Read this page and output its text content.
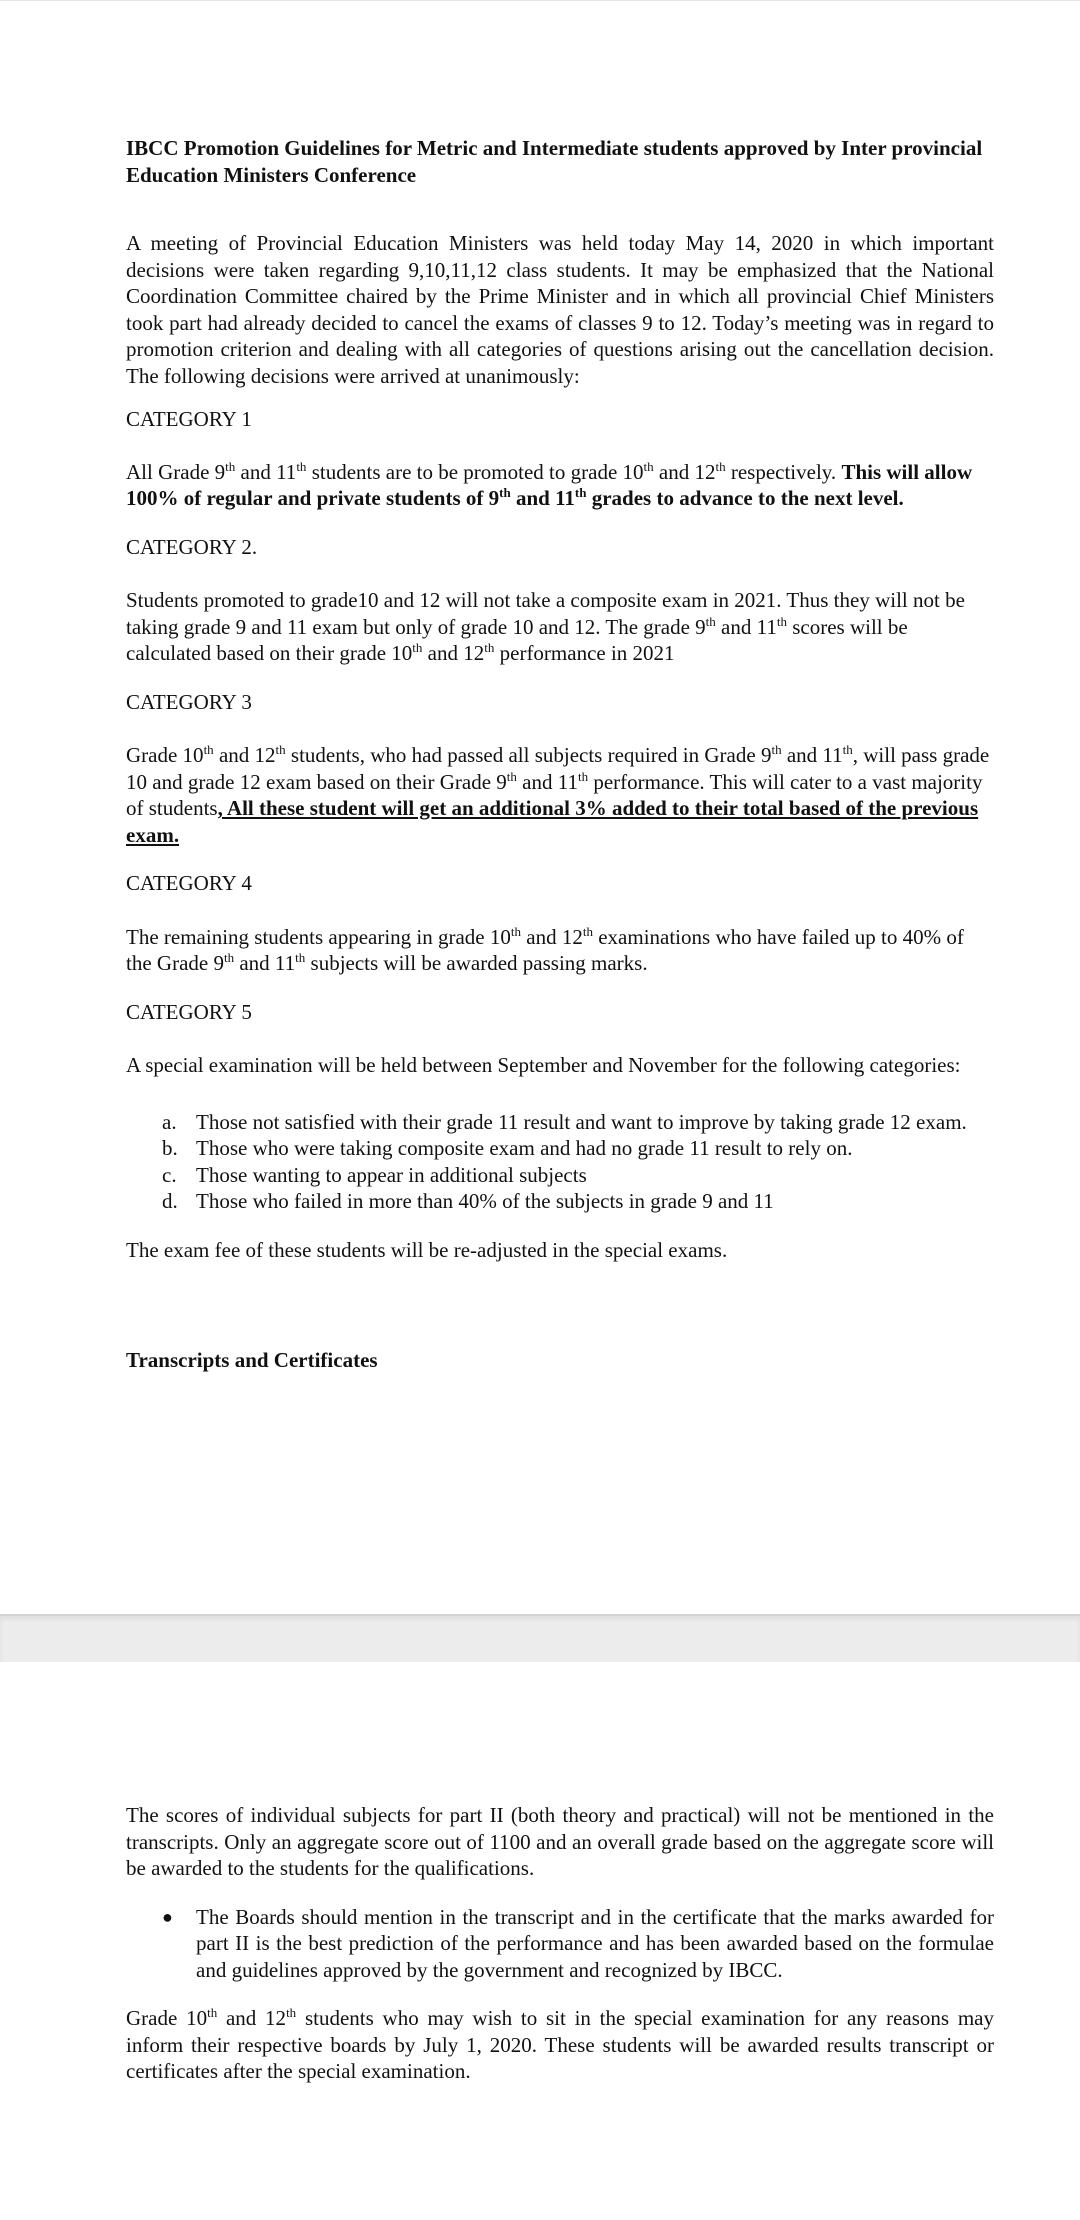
IBCC Promotion Guidelines for Metric and Intermediate students approved by Inter provincial Education Ministers Conference

A meeting of Provincial Education Ministers was held today May 14, 2020 in which important decisions were taken regarding 9,10,11,12 class students. It may be emphasized that the National Coordination Committee chaired by the Prime Minister and in which all provincial Chief Ministers took part had already decided to cancel the exams of classes 9 to 12. Today’s meeting was in regard to promotion criterion and dealing with all categories of questions arising out the cancellation decision. The following decisions were arrived at unanimously:

CATEGORY 1

All Grade 9th and 11th students are to be promoted to grade 10th and 12th respectively. This will allow 100% of regular and private students of 9th and 11th grades to advance to the next level.

CATEGORY 2.

Students promoted to grade10 and 12 will not take a composite exam in 2021. Thus they will not be taking grade 9 and 11 exam but only of grade 10 and 12. The grade 9th and 11th scores will be calculated based on their grade 10th and 12th performance in 2021

CATEGORY 3

Grade 10th and 12th students, who had passed all subjects required in Grade 9th and 11th, will pass grade 10 and grade 12 exam based on their Grade 9th and 11th performance. This will cater to a vast majority of students, All these student will get an additional 3% added to their total based of the previous exam.

CATEGORY 4

The remaining students appearing in grade 10th and 12th examinations who have failed up to 40% of the Grade 9th and 11th subjects will be awarded passing marks.

CATEGORY 5

A special examination will be held between September and November for the following categories:

a. Those not satisfied with their grade 11 result and want to improve by taking grade 12 exam.
b. Those who were taking composite exam and had no grade 11 result to rely on.
c. Those wanting to appear in additional subjects
d. Those who failed in more than 40% of the subjects in grade 9 and 11

The exam fee of these students will be re-adjusted in the special exams.

Transcripts and Certificates

The scores of individual subjects for part II (both theory and practical) will not be mentioned in the transcripts. Only an aggregate score out of 1100 and an overall grade based on the aggregate score will be awarded to the students for the qualifications.

●	The Boards should mention in the transcript and in the certificate that the marks awarded for part II is the best prediction of the performance and has been awarded based on the formulae and guidelines approved by the government and recognized by IBCC.

Grade 10th and 12th students who may wish to sit in the special examination for any reasons may inform their respective boards by July 1, 2020. These students will be awarded results transcript or certificates after the special examination.
